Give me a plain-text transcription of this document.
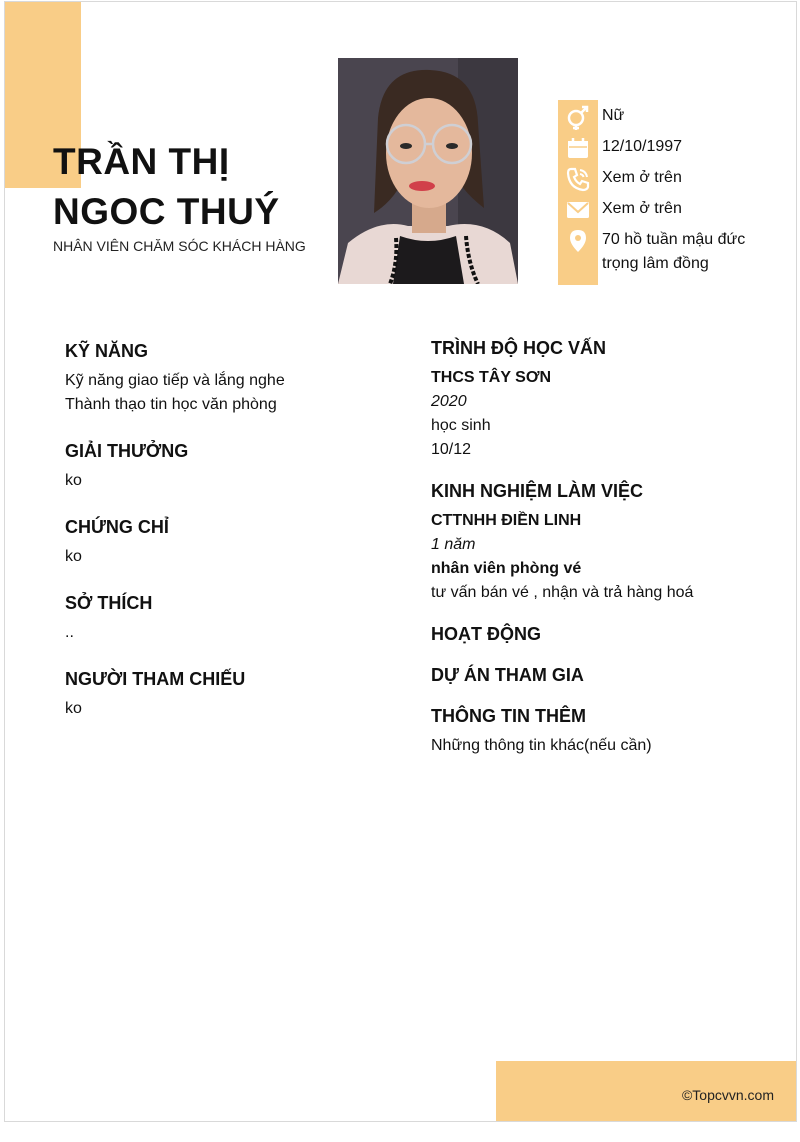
TRẦN THỊ
NGOC THUÝ
NHÂN VIÊN CHĂM SÓC KHÁCH HÀNG
Nữ
12/10/1997
Xem ở trên
Xem ở trên
70 hồ tuần mậu đức trọng lâm đồng
KỸ NĂNG
Kỹ năng giao tiếp và lắng nghe
Thành thạo tin học văn phòng
GIẢI THƯỞNG
ko
CHỨNG CHỈ
ko
SỞ THÍCH
..
NGƯỜI THAM CHIẾU
ko
TRÌNH ĐỘ HỌC VẤN
THCS TÂY SƠN
2020
học sinh
10/12
KINH NGHIỆM LÀM VIỆC
CTTNHH ĐIỀN LINH
1 năm
nhân viên phòng vé
tư vấn bán vé , nhận và trả hàng hoá
HOẠT ĐỘNG
DỰ ÁN THAM GIA
THÔNG TIN THÊM
Những thông tin khác(nếu cần)
©Topcvvn.com
